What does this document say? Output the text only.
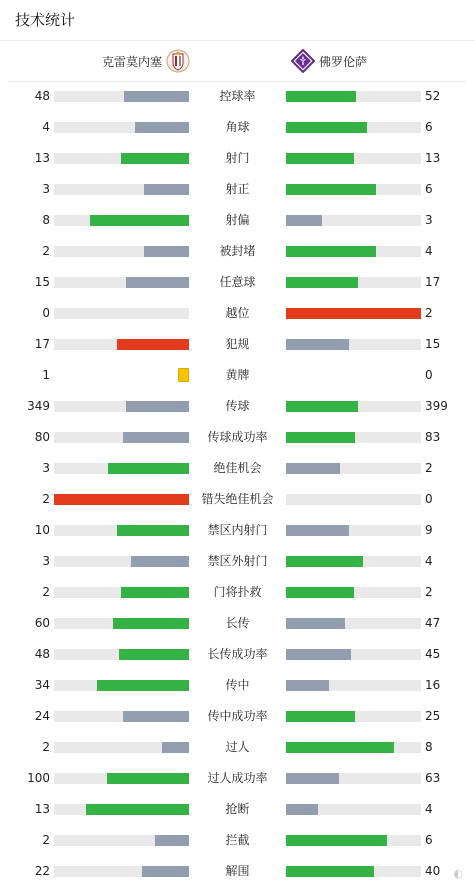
技术统计
克雷莫内塞	佛罗伦萨
48	控球率	52
4	角球	6
13	射门	13
3	射正	6
8	射偏	3
2	被封堵	4
15	任意球	17
0	越位	2
17	犯规	15
1	黄牌	0
349	传球	399
80	传球成功率	83
3	绝佳机会	2
2	错失绝佳机会	0
10	禁区内射门	9
3	禁区外射门	4
2	门将扑救	2
60	长传	47
48	长传成功率	45
34	传中	16
24	传中成功率	25
2	过人	8
100	过人成功率	63
13	抢断	4
2	拦截	6
22	解围	40 ◐
